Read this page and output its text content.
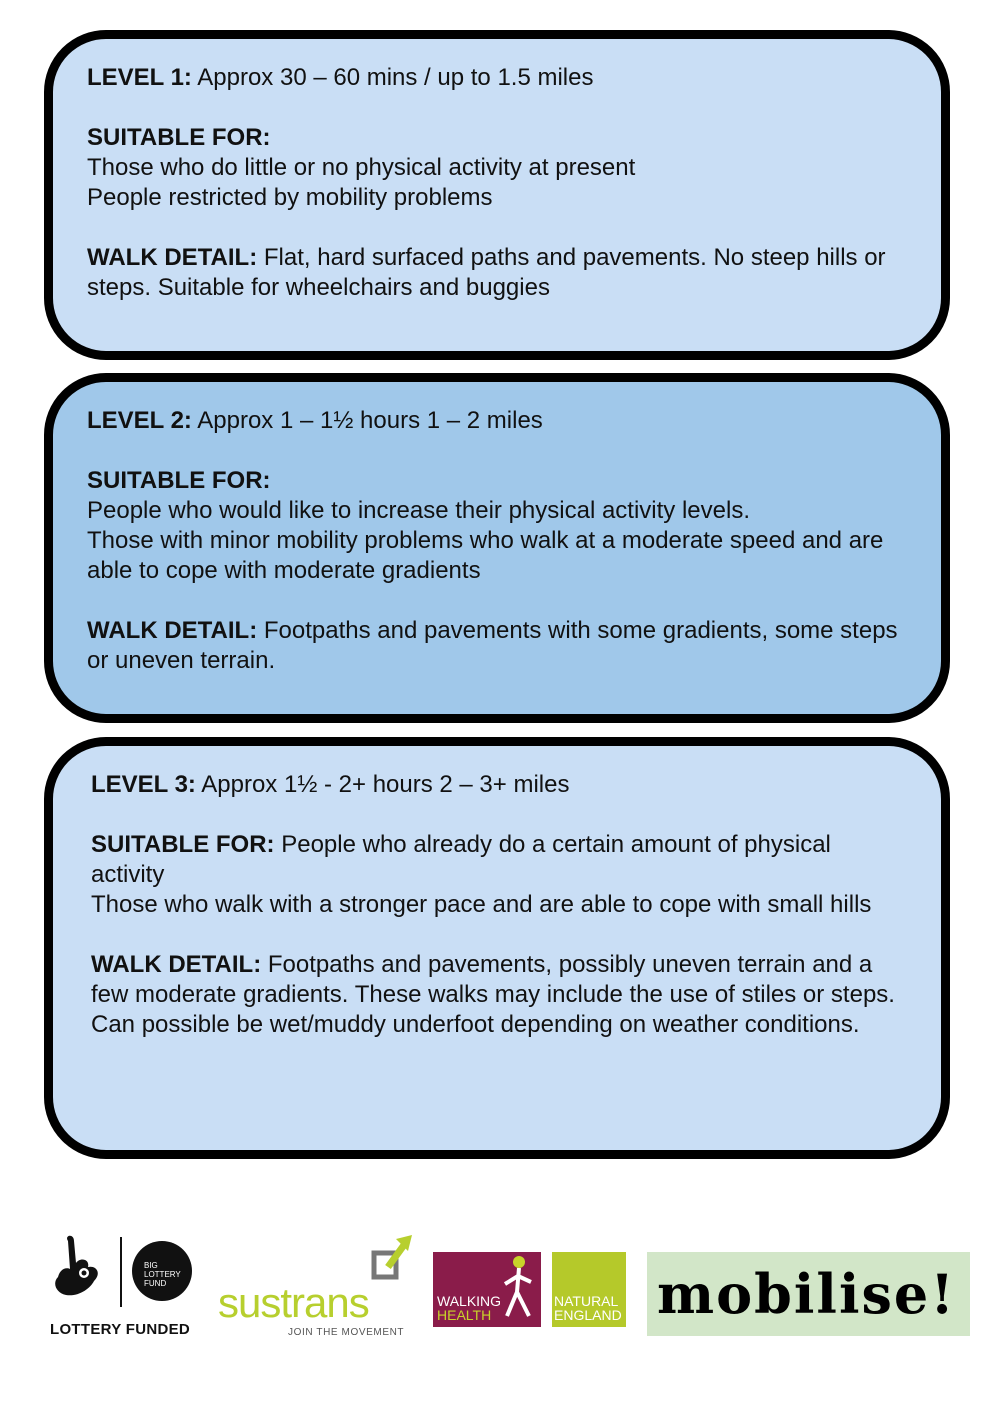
LEVEL 1: Approx 30 – 60 mins / up to 1.5 miles

SUITABLE FOR:

Those who do little or no physical activity at present

People restricted by mobility problems

WALK DETAIL: Flat, hard surfaced paths and pavements. No steep hills or steps. Suitable for wheelchairs and buggies

LEVEL 2: Approx 1 – 1½ hours 1 – 2 miles

SUITABLE FOR:

People who would like to increase their physical activity levels.

Those with minor mobility problems who walk at a moderate speed and are able to cope with moderate gradients

WALK DETAIL: Footpaths and pavements with some gradients, some steps or uneven terrain.

LEVEL 3: Approx 1½ - 2+ hours 2 – 3+ miles

SUITABLE FOR: People who already do a certain amount of physical activity

Those who walk with a stronger pace and are able to cope with small hills

WALK DETAIL: Footpaths and pavements, possibly uneven terrain and a few moderate gradients. These walks may include the use of stiles or steps. Can possible be wet/muddy underfoot depending on weather conditions.

BIG
LOTTERY
FUND
LOTTERY FUNDED
sustrans
JOIN THE MOVEMENT
WALKING
HEALTH
NATURAL
ENGLAND mobilise!
